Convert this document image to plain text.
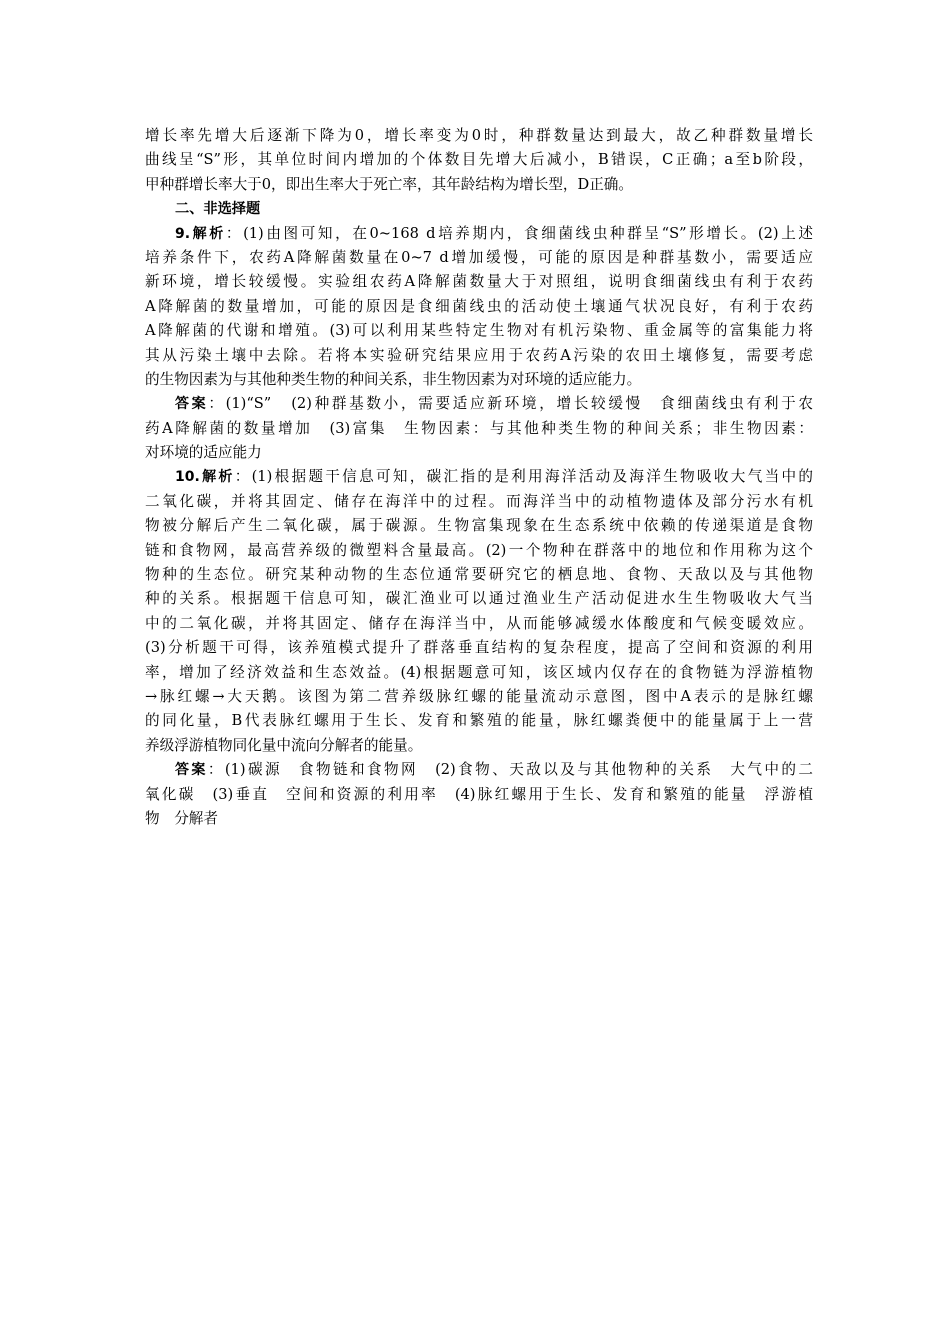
增长率先增大后逐渐下降为0，增长率变为0时，种群数量达到最大，故乙种群数量增长
曲线呈“S”形，其单位时间内增加的个体数目先增大后减小，B错误，C正确；a至b阶段，
甲种群增长率大于0，即出生率大于死亡率，其年龄结构为增长型，D正确。
二、非选择题
9.解析：(1)由图可知，在0~168 d培养期内，食细菌线虫种群呈“S”形增长。(2)上述
培养条件下，农药A降解菌数量在0~7 d增加缓慢，可能的原因是种群基数小，需要适应
新环境，增长较缓慢。实验组农药A降解菌数量大于对照组，说明食细菌线虫有利于农药
A降解菌的数量增加，可能的原因是食细菌线虫的活动使土壤通气状况良好，有利于农药
A降解菌的代谢和增殖。(3)可以利用某些特定生物对有机污染物、重金属等的富集能力将
其从污染土壤中去除。若将本实验研究结果应用于农药A污染的农田土壤修复，需要考虑
的生物因素为与其他种类生物的种间关系，非生物因素为对环境的适应能力。
答案：(1)“S”　(2)种群基数小，需要适应新环境，增长较缓慢　食细菌线虫有利于农
药A降解菌的数量增加　(3)富集　生物因素：与其他种类生物的种间关系；非生物因素：
对环境的适应能力
10.解析：(1)根据题干信息可知，碳汇指的是利用海洋活动及海洋生物吸收大气当中的
二氧化碳，并将其固定、储存在海洋中的过程。而海洋当中的动植物遗体及部分污水有机
物被分解后产生二氧化碳，属于碳源。生物富集现象在生态系统中依赖的传递渠道是食物
链和食物网，最高营养级的微塑料含量最高。(2)一个物种在群落中的地位和作用称为这个
物种的生态位。研究某种动物的生态位通常要研究它的栖息地、食物、天敌以及与其他物
种的关系。根据题干信息可知，碳汇渔业可以通过渔业生产活动促进水生生物吸收大气当
中的二氧化碳，并将其固定、储存在海洋当中，从而能够减缓水体酸度和气候变暖效应。
(3)分析题干可得，该养殖模式提升了群落垂直结构的复杂程度，提高了空间和资源的利用
率，增加了经济效益和生态效益。(4)根据题意可知，该区域内仅存在的食物链为浮游植物
→脉红螺→大天鹅。该图为第二营养级脉红螺的能量流动示意图，图中A表示的是脉红螺
的同化量，B代表脉红螺用于生长、发育和繁殖的能量，脉红螺粪便中的能量属于上一营
养级浮游植物同化量中流向分解者的能量。
答案：(1)碳源　食物链和食物网　(2)食物、天敌以及与其他物种的关系　大气中的二
氧化碳　(3)垂直　空间和资源的利用率　(4)脉红螺用于生长、发育和繁殖的能量　浮游植
物　分解者
